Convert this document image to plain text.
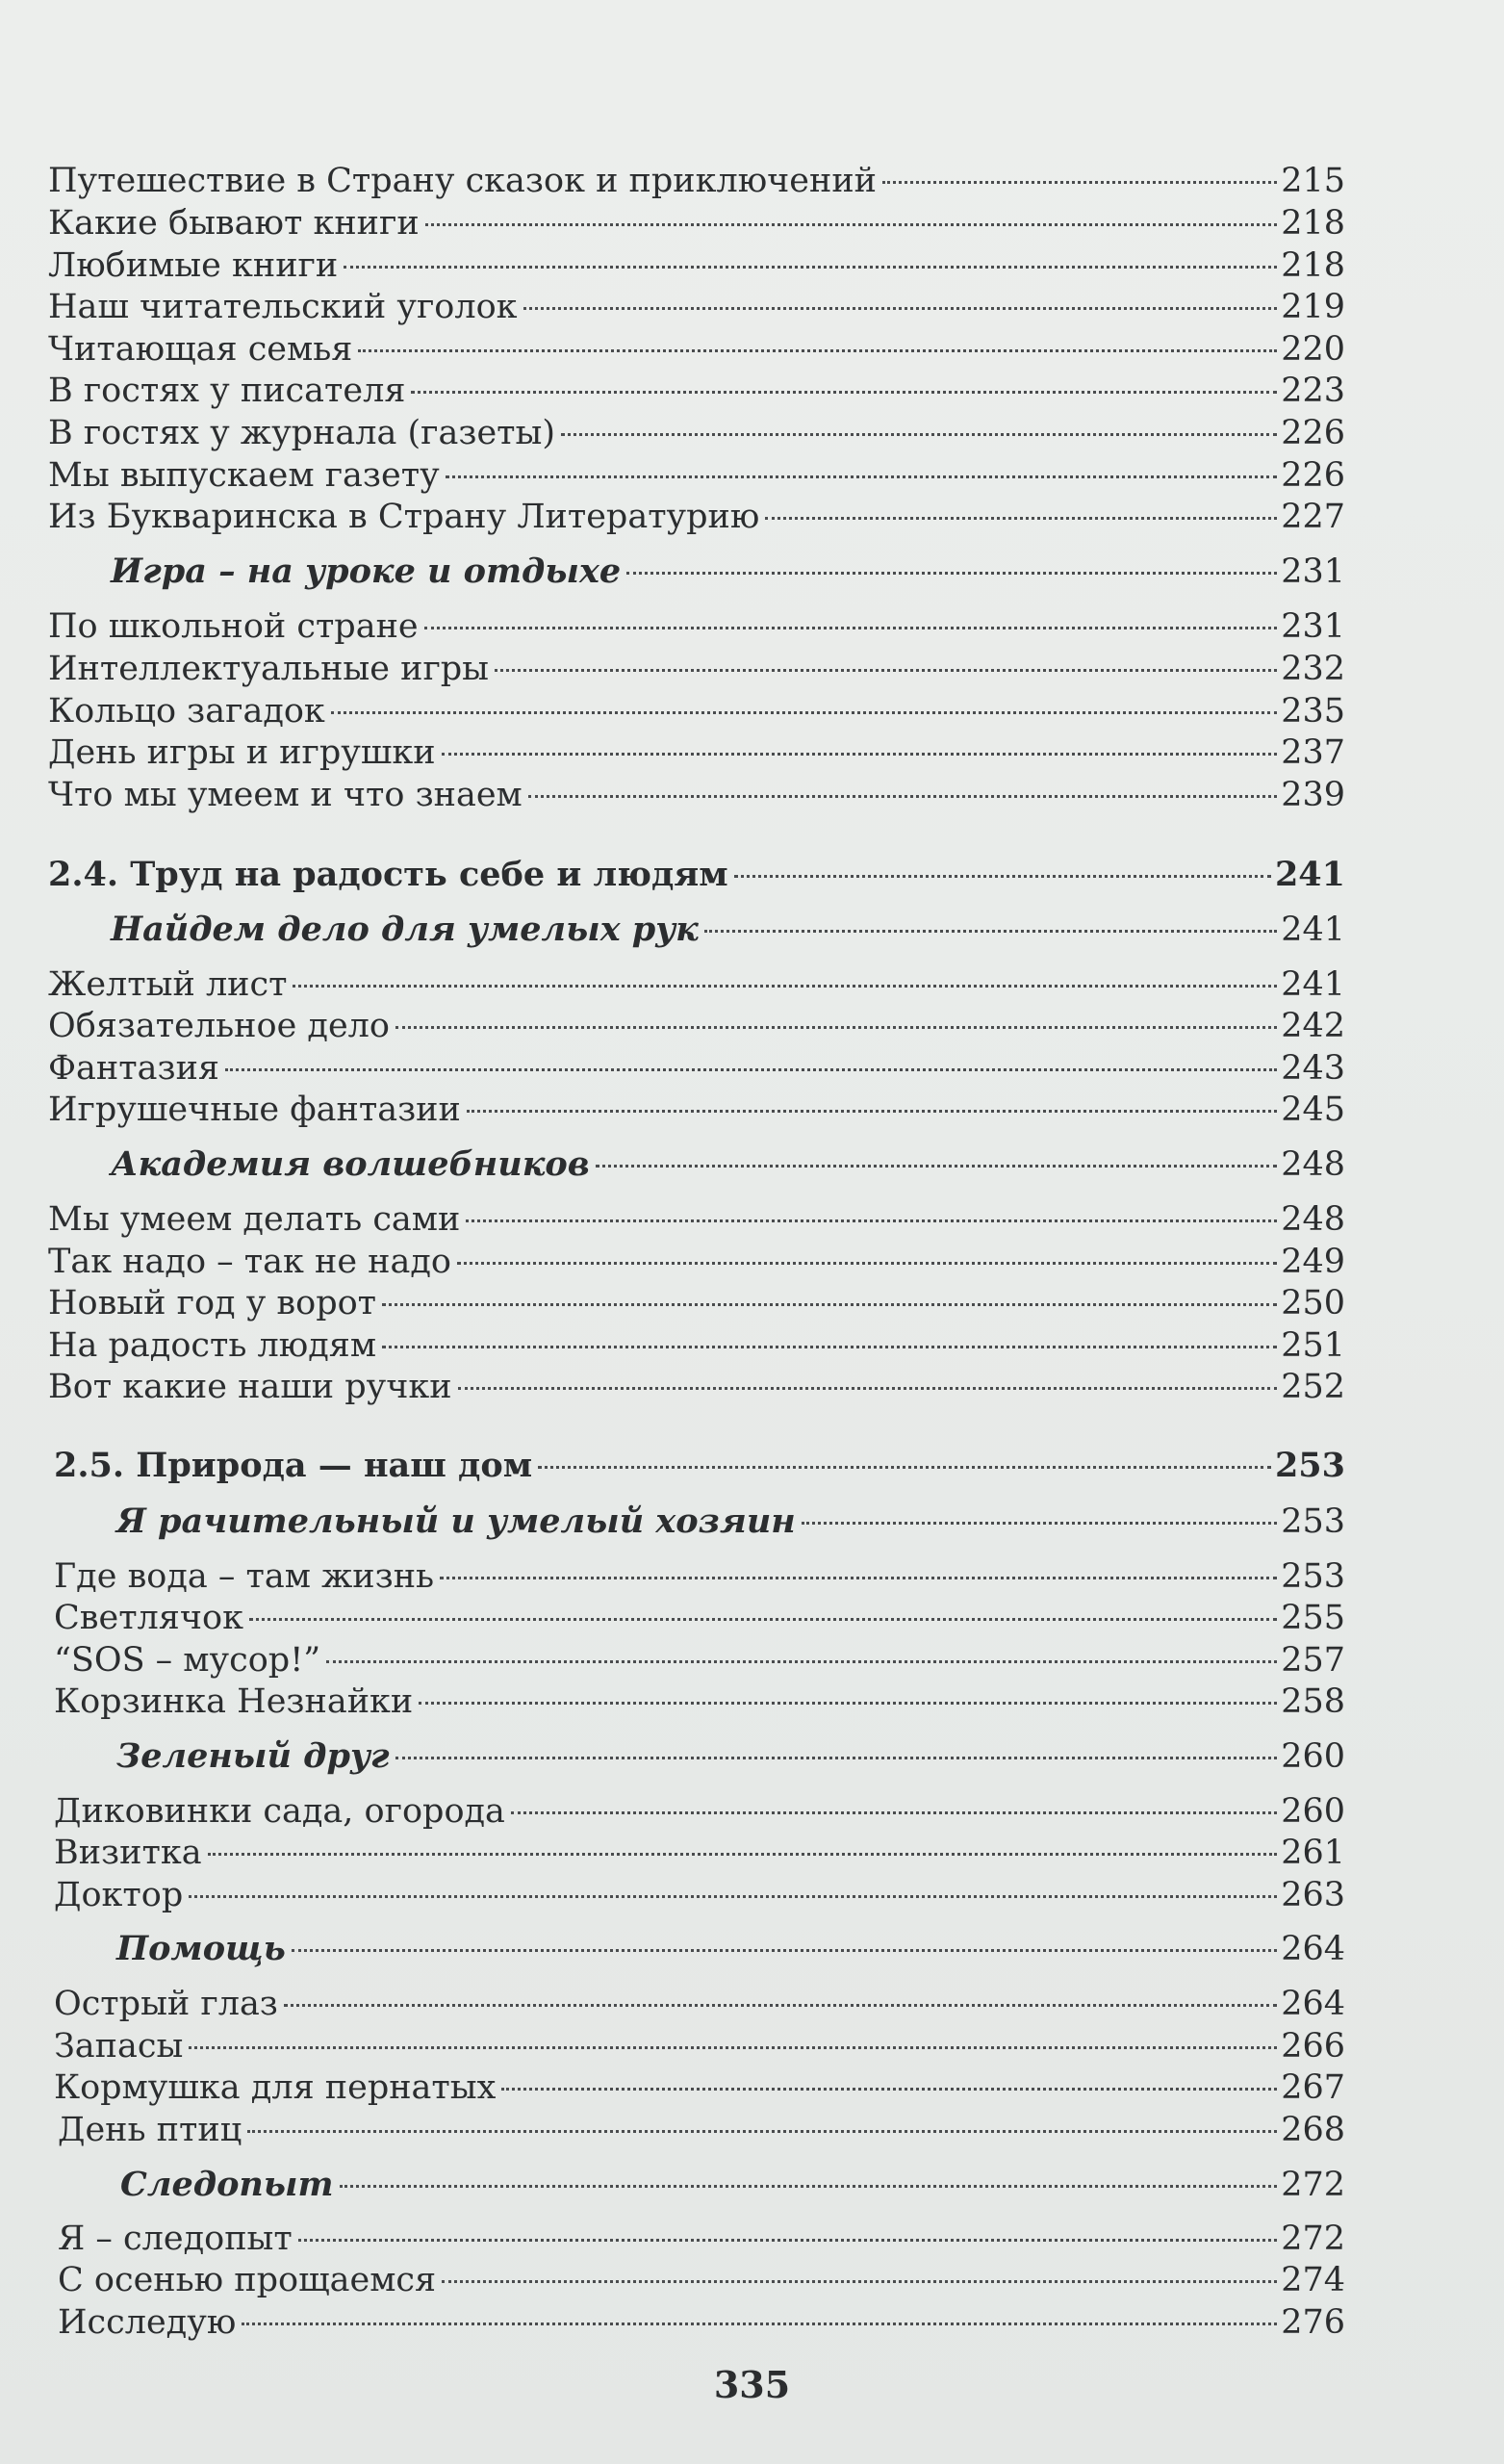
Путешествие в Страну сказок и приключений	215
Какие бывают книги	218
Любимые книги	218
Наш читательский уголок	219
Читающая семья	220
В гостях у писателя	223
В гостях у журнала (газеты)	226
Мы выпускаем газету	226
Из Букваринска в Страну Литературию	227
Игра – на уроке и отдыхе	231
По школьной стране	231
Интеллектуальные игры	232
Кольцо загадок	235
День игры и игрушки	237
Что мы умеем и что знаем	239
2.4. Труд на радость себе и людям	241
Найдем дело для умелых рук	241
Желтый лист	241
Обязательное дело	242
Фантазия	243
Игрушечные фантазии	245
Академия волшебников	248
Мы умеем делать сами	248
Так надо – так не надо	249
Новый год у ворот	250
На радость людям	251
Вот какие наши ручки	252
2.5. Природа — наш дом	253
Я рачительный и умелый хозяин	253
Где вода – там жизнь	253
Светлячок	255
“SOS – мусор!”	257
Корзинка Незнайки	258
Зеленый друг	260
Диковинки сада, огорода	260
Визитка	261
Доктор	263
Помощь	264
Острый глаз	264
Запасы	266
Кормушка для пернатых	267
День птиц	268
Следопыт	272
Я – следопыт	272
С осенью прощаемся	274
Исследую	276
335
